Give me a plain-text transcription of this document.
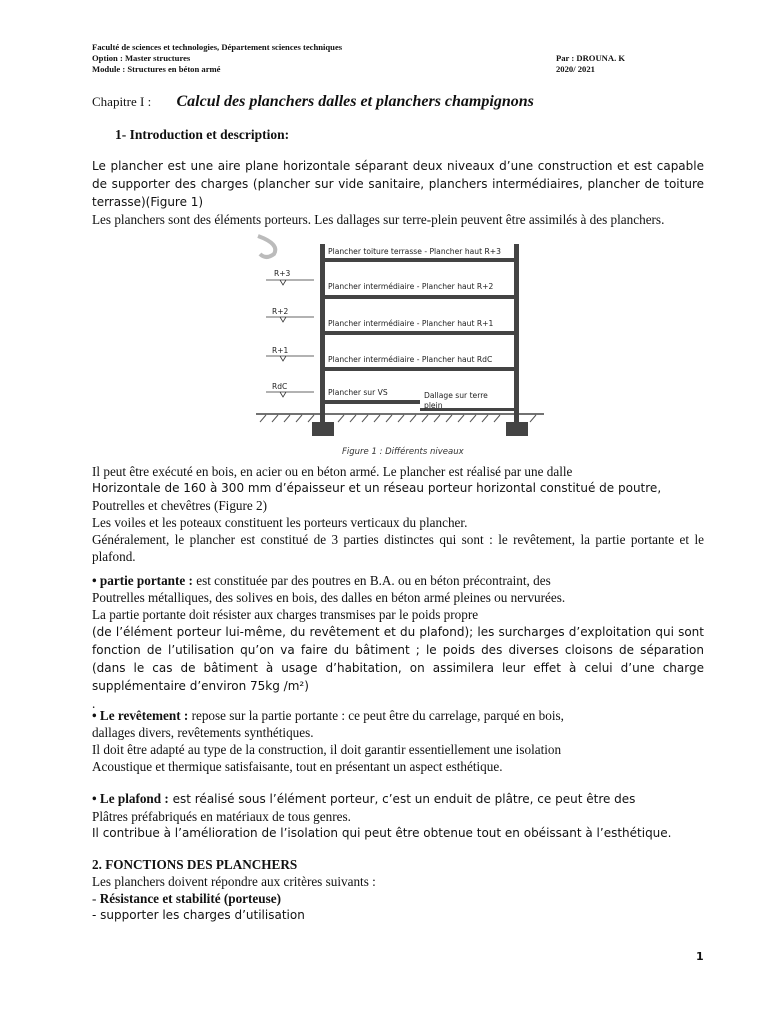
Faculté de sciences et technologies, Département sciences techniques
Option : Master structures	Par : DROUNA. K
Module : Structures en béton armé	2020/ 2021
Chapitre I : Calcul des planchers dalles et planchers champignons
1- Introduction et description:

Le plancher est une aire plane horizontale séparant deux niveaux d’une construction et est capable de supporter des charges (plancher sur vide sanitaire, planchers intermédiaires, plancher de toiture terrasse)(Figure 1)

Les planchers sont des éléments porteurs. Les dallages sur terre-plein peuvent être assimilés à des planchers.

R+3
R+2
R+1
RdC
Plancher toiture terrasse - Plancher haut R+3
Plancher intermédiaire - Plancher haut R+2
Plancher intermédiaire - Plancher haut R+1
Plancher intermédiaire - Plancher haut RdC
Plancher sur VS	Dallage sur terre
plein
Figure 1 : Différents niveaux

Il peut être exécuté en bois, en acier ou en béton armé. Le plancher est réalisé par une dalle

Horizontale de 160 à 300 mm d’épaisseur et un réseau porteur horizontal constitué de poutre,

Poutrelles et chevêtres (Figure 2)

Les voiles et les poteaux constituent les porteurs verticaux du plancher.

Généralement, le plancher est constitué de 3 parties distinctes qui sont : le revêtement, la partie portante et le plafond.

• partie portante : est constituée par des poutres en B.A. ou en béton précontraint, des

Poutrelles métalliques, des solives en bois, des dalles en béton armé pleines ou nervurées.

La partie portante doit résister aux charges transmises par le poids propre

(de l’élément porteur lui-même, du revêtement et du plafond); les surcharges d’exploitation qui sont fonction de l’utilisation qu’on va faire du bâtiment ; le poids des diverses cloisons de séparation (dans le cas de bâtiment à usage d’habitation, on assimilera leur effet à celui d’une charge supplémentaire d’environ 75kg /m²)

.

• Le revêtement : repose sur la partie portante : ce peut être du carrelage, parqué en bois,

dallages divers, revêtements synthétiques.

Il doit être adapté au type de la construction, il doit garantir essentiellement une isolation

Acoustique et thermique satisfaisante, tout en présentant un aspect esthétique.

• Le plafond : est réalisé sous l’élément porteur, c’est un enduit de plâtre, ce peut être des

Plâtres préfabriqués en matériaux de tous genres.

Il contribue à l’amélioration de l’isolation qui peut être obtenue tout en obéissant à l’esthétique.

2. FONCTIONS DES PLANCHERS

Les planchers doivent répondre aux critères suivants :

- Résistance et stabilité (porteuse)

- supporter les charges d’utilisation

1
